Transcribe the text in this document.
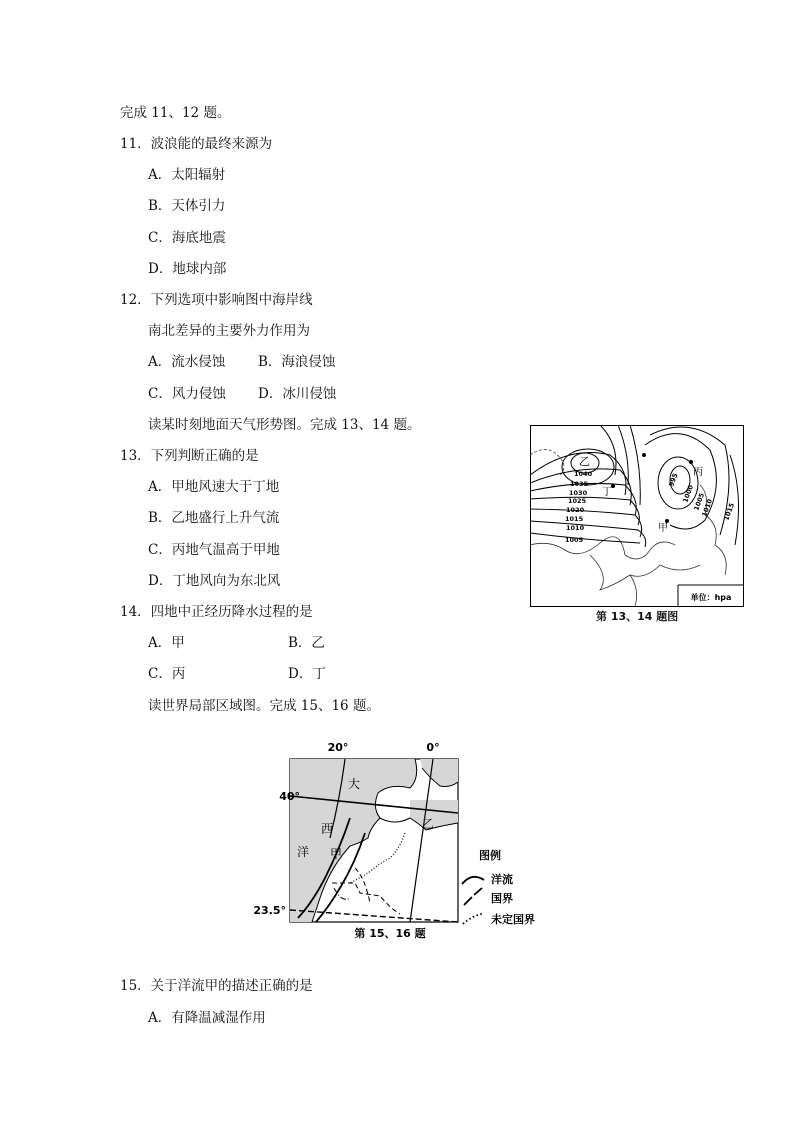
完成 11、12 题。
11．波浪能的最终来源为
A．太阳辐射
B．天体引力
C．海底地震
D．地球内部
12．下列选项中影响图中海岸线
南北差异的主要外力作用为
A．流水侵蚀 B．海浪侵蚀
C．风力侵蚀 D．冰川侵蚀
读某时刻地面天气形势图。完成 13、14 题。
13．下列判断正确的是
A．甲地风速大于丁地
B．乙地盛行上升气流
C．丙地气温高于甲地
D．丁地风向为东北风
14．四地中正经历降水过程的是
A．甲	B．乙
C．丙	D．丁
读世界局部区域图。完成 15、16 题。
15．关于洋流甲的描述正确的是
A．有降温减湿作用
单位：hpa
乙
丙
丁
甲
1040
1035
1030
1025
1020
1015
1010
1005
995
1000
1005
1010 1015
第 13、14 题图
20°	0°
40°
23.5°
大
西
洋 甲
乙
图例
洋流
国界
未定国界
第 15、16 题
